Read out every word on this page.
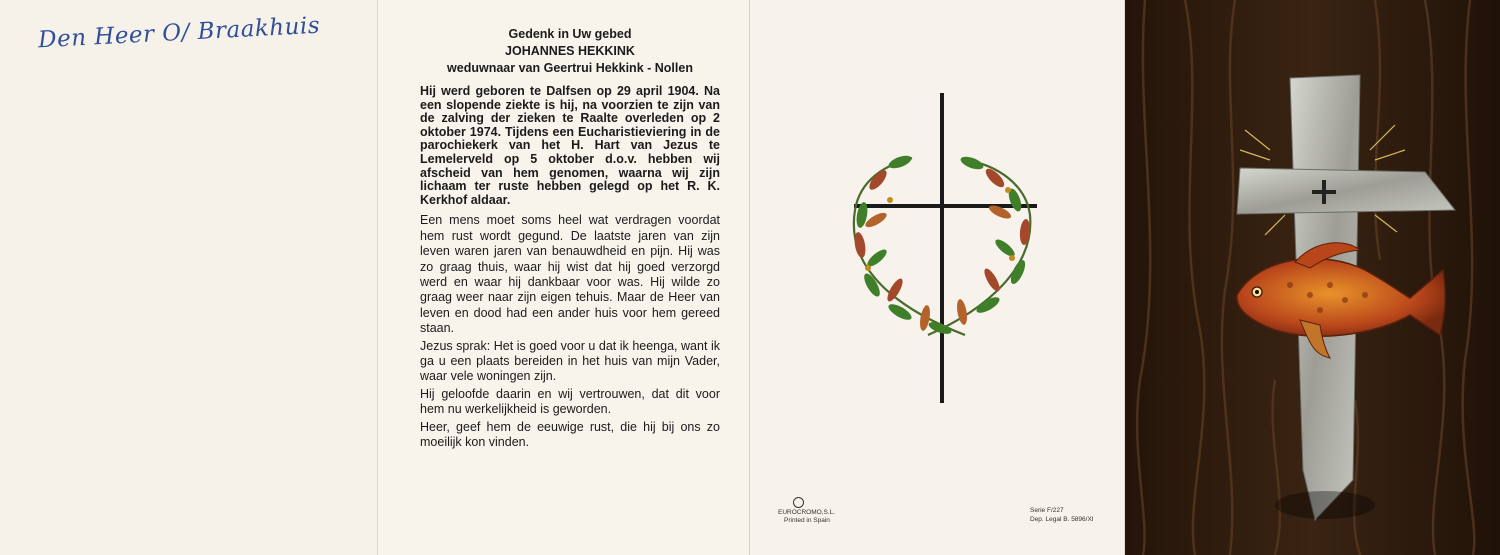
Den Heer O/ Braakhuis	Gedenk in Uw gebed

JOHANNES HEKKINK

weduwnaar van Geertrui Hekkink - Nollen

Hij werd geboren te Dalfsen op 29 april 1904. Na een slopende ziekte is hij, na voorzien te zijn van de zalving der zieken te Raalte overleden op 2 oktober 1974. Tijdens een Eucharistieviering in de parochiekerk van het H. Hart van Jezus te Lemelerveld op 5 oktober d.o.v. hebben wij afscheid van hem genomen, waarna wij zijn lichaam ter ruste hebben gelegd op het R. K. Kerkhof aldaar.
Een mens moet soms heel wat verdragen voordat hem rust wordt gegund. De laatste jaren van zijn leven waren jaren van benauwdheid en pijn. Hij was zo graag thuis, waar hij wist dat hij goed verzorgd werd en waar hij dankbaar voor was. Hij wilde zo graag weer naar zijn eigen tehuis. Maar de Heer van leven en dood had een ander huis voor hem gereed staan.
Jezus sprak: Het is goed voor u dat ik heenga, want ik ga u een plaats bereiden in het huis van mijn Vader, waar vele woningen zijn.
Hij geloofde daarin en wij vertrouwen, dat dit voor hem nu werkelijkheid is geworden.
Heer, geef hem de eeuwige rust, die hij bij ons zo moeilijk kon vinden.
EUROCROMO,S.L.
Printed in Spain
Serie F/227
Dep. Legal B. 5896/XI
